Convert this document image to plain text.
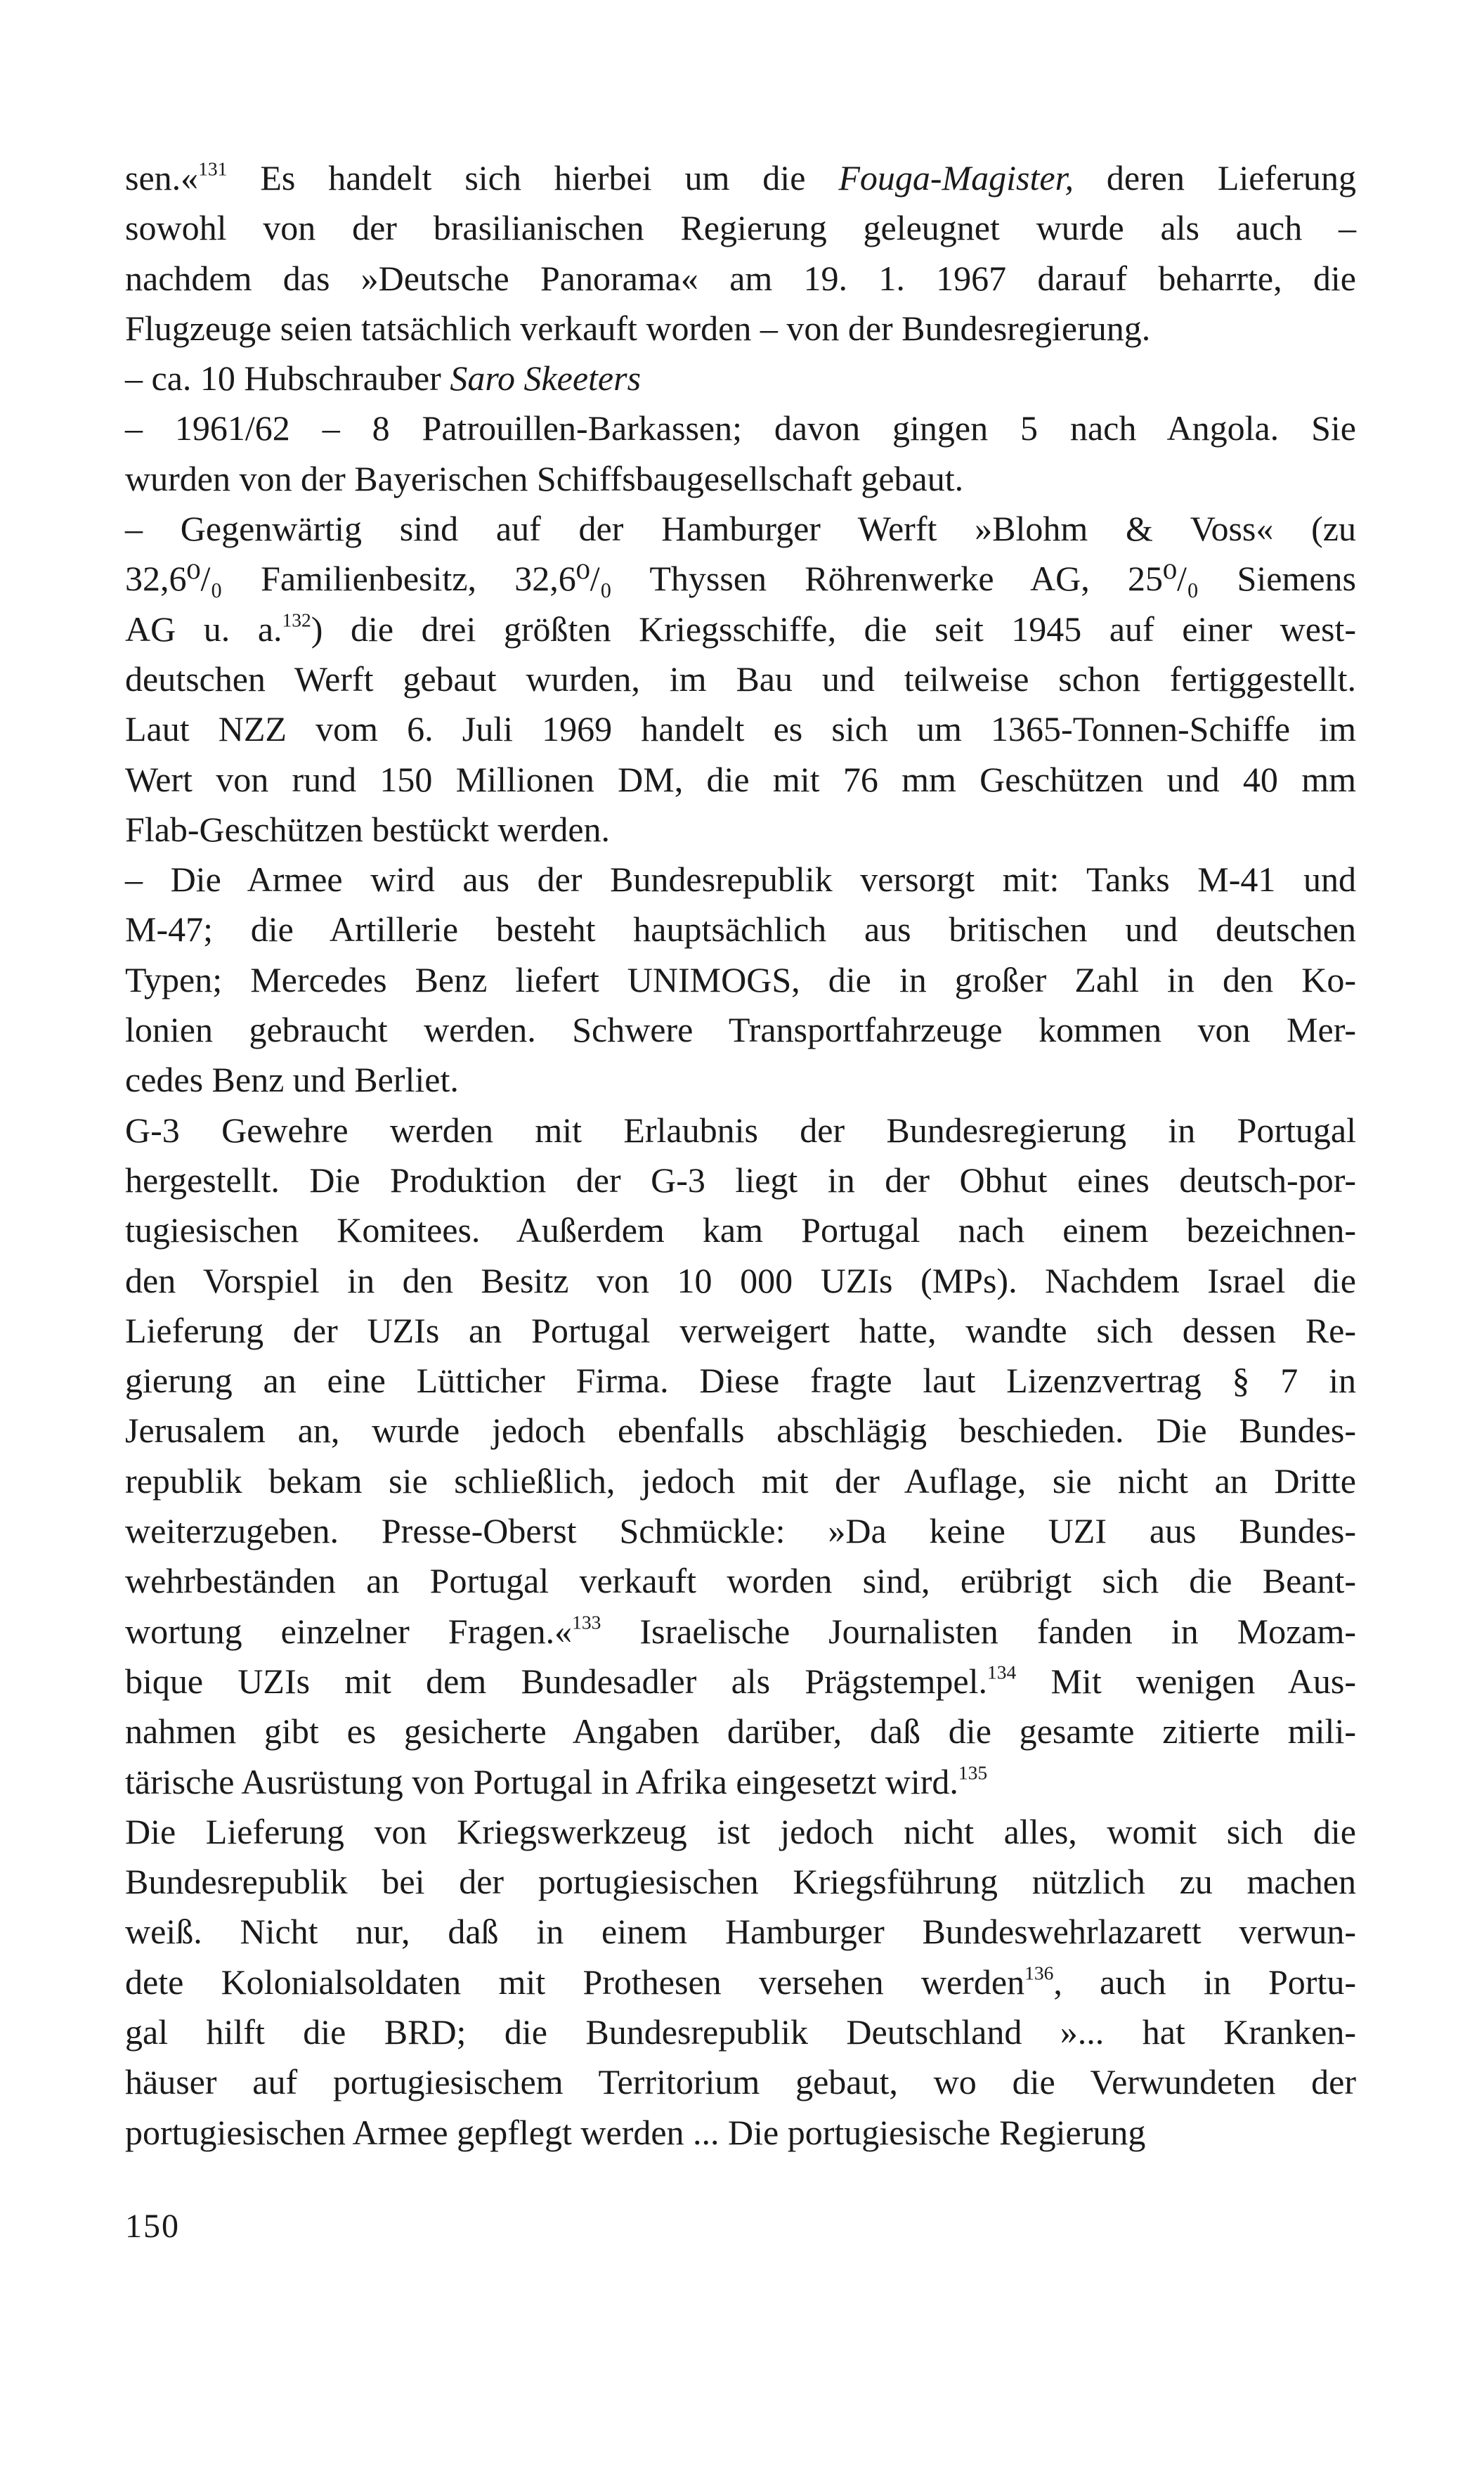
sen.«$^{131}$ Es handelt sich hierbei um die Fouga-Magister, deren Lieferung
sowohl von der brasilianischen Regierung geleugnet wurde als auch –
nachdem das »Deutsche Panorama« am 19. 1. 1967 darauf beharrte, die
Flugzeuge seien tatsächlich verkauft worden – von der Bundesregierung.
– ca. 10 Hubschrauber Saro Skeeters
– 1961/62 – 8 Patrouillen-Barkassen; davon gingen 5 nach Angola. Sie
wurden von der Bayerischen Schiffsbaugesellschaft gebaut.
– Gegenwärtig sind auf der Hamburger Werft »Blohm & Voss« (zu
32,6⁰/₀ Familienbesitz, 32,6⁰/₀ Thyssen Röhrenwerke AG, 25⁰/₀ Siemens
AG u. a.$^{132}$) die drei größten Kriegsschiffe, die seit 1945 auf einer west-
deutschen Werft gebaut wurden, im Bau und teilweise schon fertiggestellt.
Laut NZZ vom 6. Juli 1969 handelt es sich um 1365-Tonnen-Schiffe im
Wert von rund 150 Millionen DM, die mit 76 mm Geschützen und 40 mm
Flab-Geschützen bestückt werden.
– Die Armee wird aus der Bundesrepublik versorgt mit: Tanks M-41 und
M-47; die Artillerie besteht hauptsächlich aus britischen und deutschen
Typen; Mercedes Benz liefert UNIMOGS, die in großer Zahl in den Ko-
lonien gebraucht werden. Schwere Transportfahrzeuge kommen von Mer-
cedes Benz und Berliet.
G-3 Gewehre werden mit Erlaubnis der Bundesregierung in Portugal
hergestellt. Die Produktion der G-3 liegt in der Obhut eines deutsch-por-
tugiesischen Komitees. Außerdem kam Portugal nach einem bezeichnen-
den Vorspiel in den Besitz von 10 000 UZIs (MPs). Nachdem Israel die
Lieferung der UZIs an Portugal verweigert hatte, wandte sich dessen Re-
gierung an eine Lütticher Firma. Diese fragte laut Lizenzvertrag § 7 in
Jerusalem an, wurde jedoch ebenfalls abschlägig beschieden. Die Bundes-
republik bekam sie schließlich, jedoch mit der Auflage, sie nicht an Dritte
weiterzugeben. Presse-Oberst Schmückle: »Da keine UZI aus Bundes-
wehrbeständen an Portugal verkauft worden sind, erübrigt sich die Beant-
wortung einzelner Fragen.«$^{133}$ Israelische Journalisten fanden in Mozam-
bique UZIs mit dem Bundesadler als Prägstempel.$^{134}$ Mit wenigen Aus-
nahmen gibt es gesicherte Angaben darüber, daß die gesamte zitierte mili-
tärische Ausrüstung von Portugal in Afrika eingesetzt wird.$^{135}$
Die Lieferung von Kriegswerkzeug ist jedoch nicht alles, womit sich die
Bundesrepublik bei der portugiesischen Kriegsführung nützlich zu machen
weiß. Nicht nur, daß in einem Hamburger Bundeswehrlazarett verwun-
dete Kolonialsoldaten mit Prothesen versehen werden$^{136}$, auch in Portu-
gal hilft die BRD; die Bundesrepublik Deutschland »... hat Kranken-
häuser auf portugiesischem Territorium gebaut, wo die Verwundeten der
portugiesischen Armee gepflegt werden ... Die portugiesische Regierung
150
